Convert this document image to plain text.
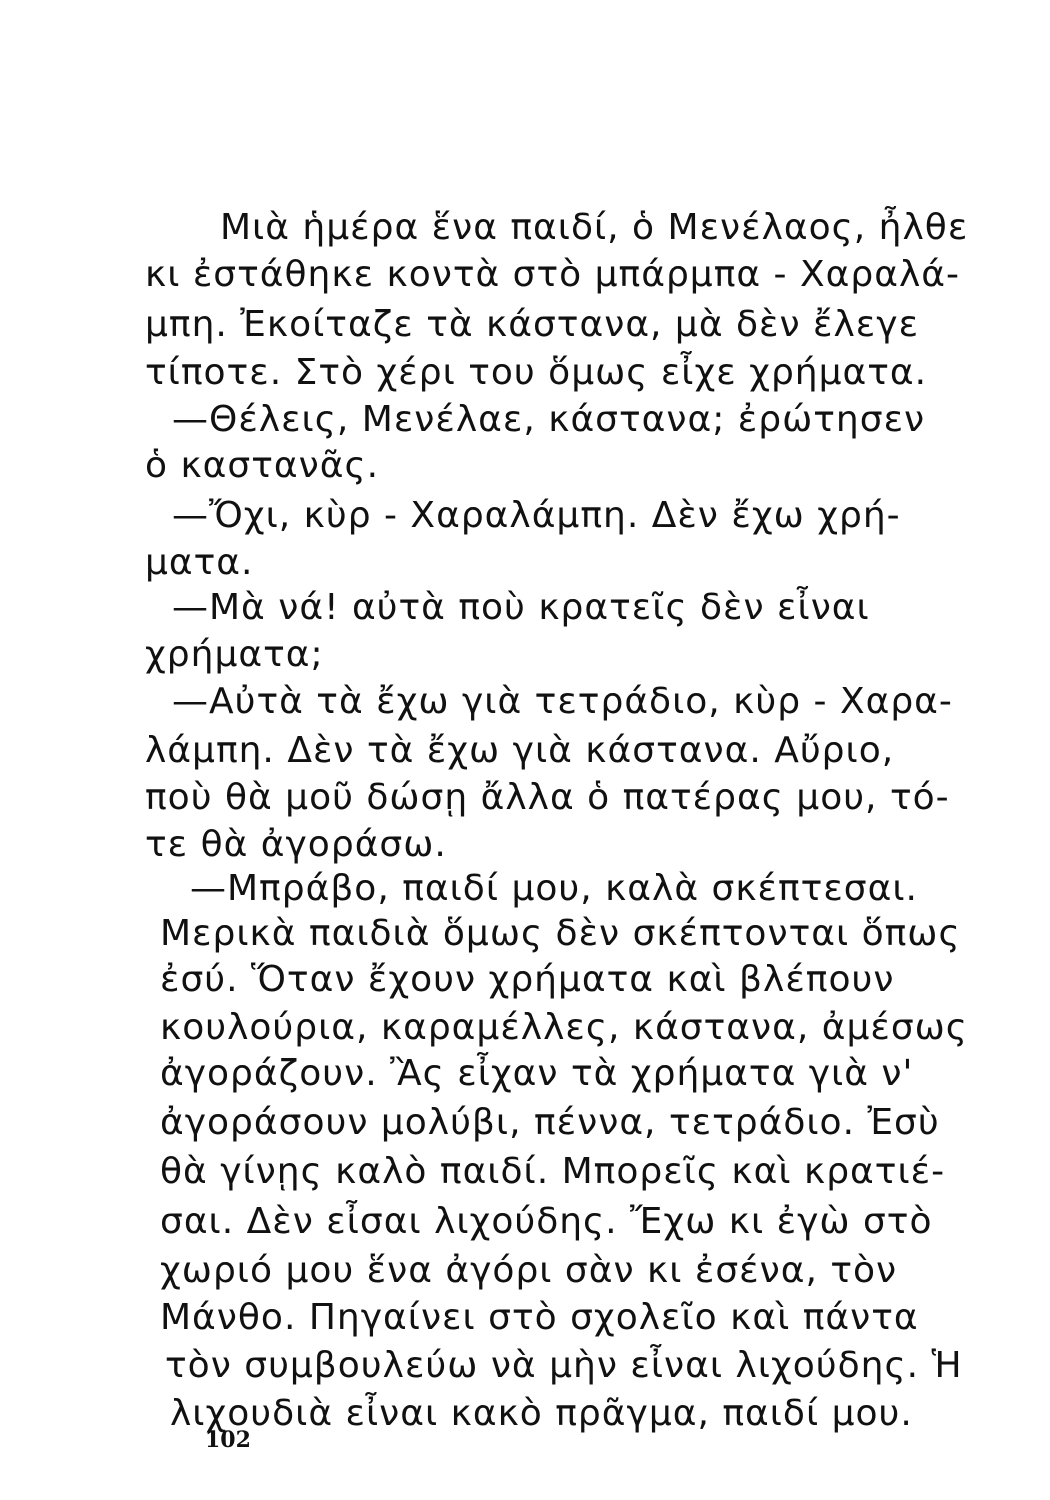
Μιὰ ἡμέρα ἕνα παιδί, ὁ Μενέλαος, ἦλθε
κι ἐστάθηκε κοντὰ στὸ μπάρμπα - Χαραλά-
μπη. Ἐκοίταζε τὰ κάστανα, μὰ δὲν ἔλεγε
τίποτε. Στὸ χέρι του ὅμως εἶχε χρήματα.
—Θέλεις, Μενέλαε, κάστανα; ἐρώτησεν
ὁ καστανᾶς.
—Ὄχι, κὺρ - Χαραλάμπη. Δὲν ἔχω χρή-
ματα.
—Μὰ νά! αὐτὰ ποὺ κρατεῖς δὲν εἶναι
χρήματα;
—Αὐτὰ τὰ ἔχω γιὰ τετράδιο, κὺρ - Χαρα-
λάμπη. Δὲν τὰ ἔχω γιὰ κάστανα. Αὔριο,
ποὺ θὰ μοῦ δώσῃ ἄλλα ὁ πατέρας μου, τό-
τε θὰ ἀγοράσω.
—Μπράβο, παιδί μου, καλὰ σκέπτεσαι.
Μερικὰ παιδιὰ ὅμως δὲν σκέπτονται ὅπως
ἐσύ. Ὅταν ἔχουν χρήματα καὶ βλέπουν
κουλούρια, καραμέλλες, κάστανα, ἀμέσως
ἀγοράζουν. Ἂς εἶχαν τὰ χρήματα γιὰ ν'
ἀγοράσουν μολύβι, πέννα, τετράδιο. Ἐσὺ
θὰ γίνῃς καλὸ παιδί. Μπορεῖς καὶ κρατιέ-
σαι. Δὲν εἶσαι λιχούδης. Ἔχω κι ἐγὼ στὸ
χωριό μου ἕνα ἀγόρι σὰν κι ἐσένα, τὸν
Μάνθο. Πηγαίνει στὸ σχολεῖο καὶ πάντα
τὸν συμβουλεύω νὰ μὴν εἶναι λιχούδης. Ἡ
λιχουδιὰ εἶναι κακὸ πρᾶγμα, παιδί μου.
102
